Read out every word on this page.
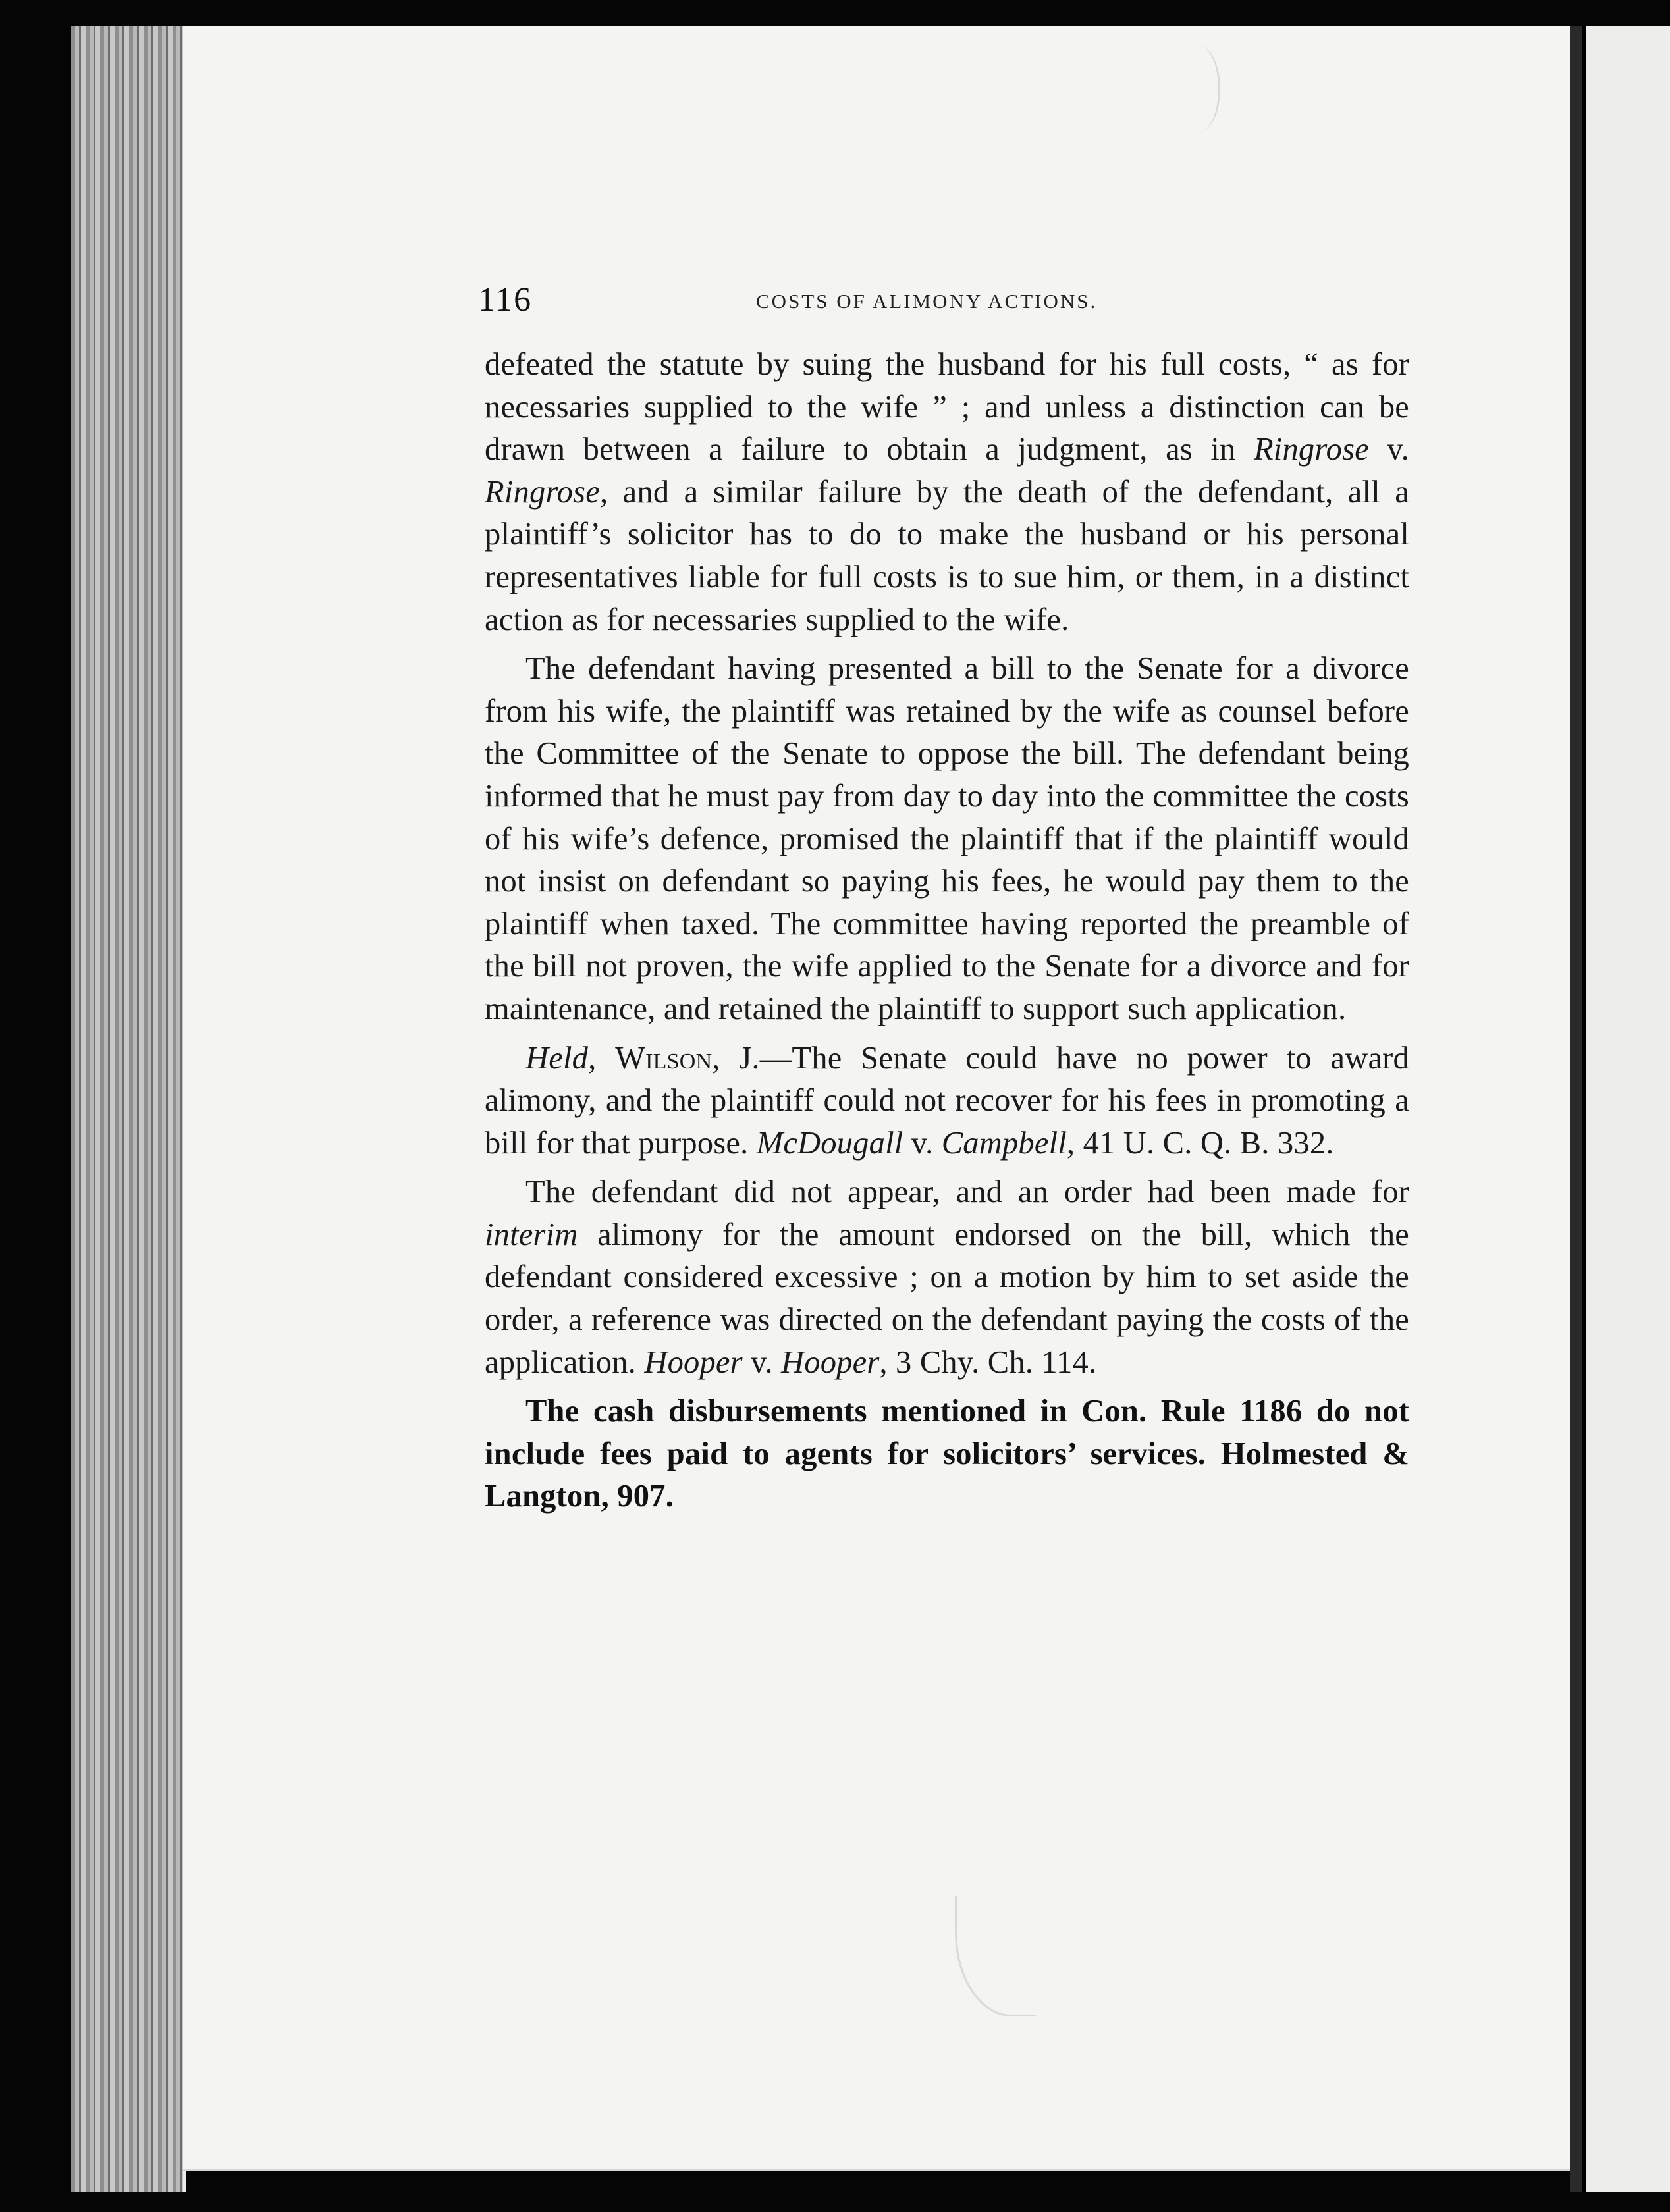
116	COSTS OF ALIMONY ACTIONS.

defeated the statute by suing the husband for his full costs, “ as for necessaries supplied to the wife ” ; and unless a distinction can be drawn between a failure to obtain a judgment, as in Ringrose v. Ringrose, and a similar failure by the death of the defendant, all a plaintiff’s solicitor has to do to make the husband or his personal representatives liable for full costs is to sue him, or them, in a distinct action as for necessaries supplied to the wife.

The defendant having presented a bill to the Senate for a divorce from his wife, the plaintiff was retained by the wife as counsel before the Committee of the Senate to oppose the bill. The defendant being informed that he must pay from day to day into the committee the costs of his wife’s defence, promised the plaintiff that if the plaintiff would not insist on defendant so paying his fees, he would pay them to the plaintiff when taxed. The committee having reported the preamble of the bill not proven, the wife applied to the Senate for a divorce and for maintenance, and retained the plaintiff to support such application.

Held, Wilson, J.—The Senate could have no power to award alimony, and the plaintiff could not recover for his fees in promoting a bill for that purpose. McDougall v. Campbell, 41 U. C. Q. B. 332.

The defendant did not appear, and an order had been made for interim alimony for the amount endorsed on the bill, which the defendant considered excessive ; on a motion by him to set aside the order, a reference was directed on the defendant paying the costs of the application. Hooper v. Hooper, 3 Chy. Ch. 114.

The cash disbursements mentioned in Con. Rule 1186 do not include fees paid to agents for solicitors’ services. Holmested & Langton, 907.
